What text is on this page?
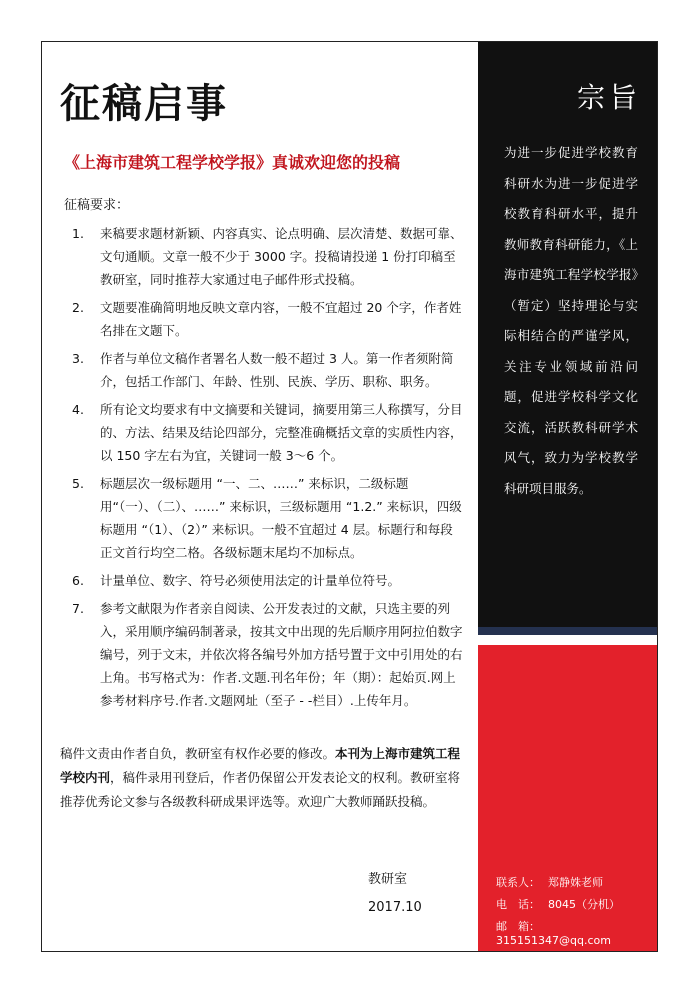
征稿启事
《上海市建筑工程学校学报》真诚欢迎您的投稿
征稿要求：
1. 来稿要求题材新颖、内容真实、论点明确、层次清楚、数据可靠、文句通顺。文章一般不少于 3000 字。投稿请投递 1 份打印稿至教研室，同时推荐大家通过电子邮件形式投稿。
2. 文题要准确简明地反映文章内容，一般不宜超过 20 个字，作者姓名排在文题下。
3. 作者与单位文稿作者署名人数一般不超过 3 人。第一作者须附简介，包括工作部门、年龄、性别、民族、学历、职称、职务。
4. 所有论文均要求有中文摘要和关键词，摘要用第三人称撰写，分目的、方法、结果及结论四部分，完整准确概括文章的实质性内容，以 150 字左右为宜，关键词一般 3～6 个。
5. 标题层次一级标题用 “一、二、……” 来标识，二级标题用“（一）、（二）、……” 来标识，三级标题用 “1.2.” 来标识，四级标题用 “（1）、（2）” 来标识。一般不宜超过 4 层。标题行和每段正文首行均空二格。各级标题末尾均不加标点。
6. 计量单位、数字、符号必须使用法定的计量单位符号。
7. 参考文献限为作者亲自阅读、公开发表过的文献，只选主要的列入，采用顺序编码制著录，按其文中出现的先后顺序用阿拉伯数字编号，列于文末，并依次将各编号外加方括号置于文中引用处的右上角。书写格式为：作者.文题.刊名年份；年（期）：起始页.网上参考材料序号.作者.文题网址（至子 - -栏目）.上传年月。
稿件文责由作者自负，教研室有权作必要的修改。本刊为上海市建筑工程学校内刊，稿件录用刊登后，作者仍保留公开发表论文的权利。教研室将推荐优秀论文参与各级教科研成果评选等。欢迎广大教师踊跃投稿。
教研室
2017.10
宗旨
为进一步促进学校教育科研水为进一步促进学校教育科研水平，提升教师教育科研能力，《上海市建筑工程学校学报》（暂定）坚持理论与实际相结合的严谨学风，关注专业领域前沿问题，促进学校科学文化交流，活跃教科研学术风气，致力为学校教学科研项目服务。
联系人： 郑静姝老师
电　话： 8045（分机）
邮　箱：315151347@qq.com
